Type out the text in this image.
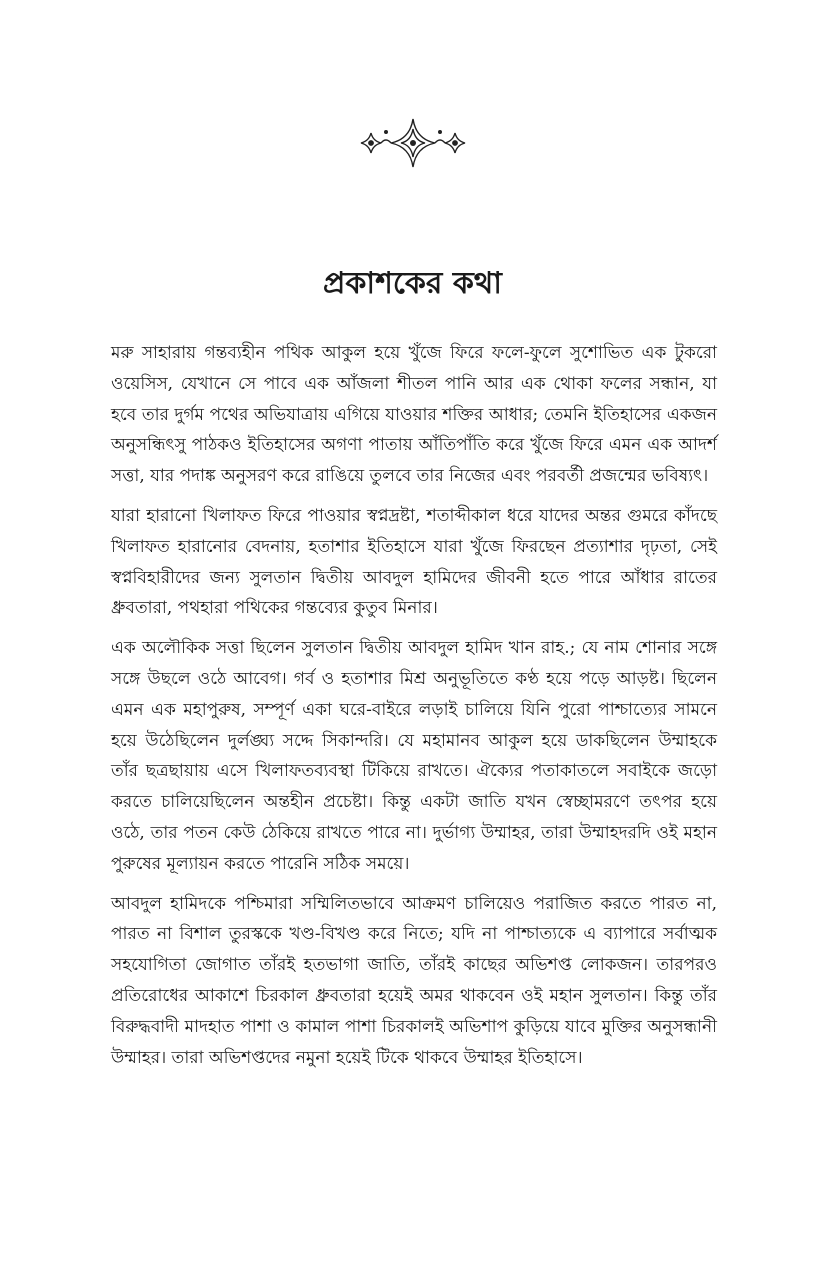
প্রকাশকের কথা

মরু সাহারায় গন্তব্যহীন পথিক আকুল হয়ে খুঁজে ফিরে ফলে-ফুলে সুশোভিত এক টুকরো ওয়েসিস, যেখানে সে পাবে এক আঁজলা শীতল পানি আর এক থোকা ফলের সন্ধান, যা হবে তার দুর্গম পথের অভিযাত্রায় এগিয়ে যাওয়ার শক্তির আধার; তেমনি ইতিহাসের একজন অনুসন্ধিৎসু পাঠকও ইতিহাসের অগণা পাতায় আঁতিপাঁতি করে খুঁজে ফিরে এমন এক আদর্শ সত্তা, যার পদাঙ্ক অনুসরণ করে রাঙিয়ে তুলবে তার নিজের এবং পরবর্তী প্রজন্মের ভবিষ্যৎ।

যারা হারানো খিলাফত ফিরে পাওয়ার স্বপ্নদ্রষ্টা, শতাব্দীকাল ধরে যাদের অন্তর গুমরে কাঁদছে খিলাফত হারানোর বেদনায়, হতাশার ইতিহাসে যারা খুঁজে ফিরছেন প্রত্যাশার দৃঢ়তা, সেই স্বপ্নবিহারীদের জন্য সুলতান দ্বিতীয় আবদুল হামিদের জীবনী হতে পারে আঁধার রাতের ধ্রুবতারা, পথহারা পথিকের গন্তব্যের কুতুব মিনার।

এক অলৌকিক সত্তা ছিলেন সুলতান দ্বিতীয় আবদুল হামিদ খান রাহ.; যে নাম শোনার সঙ্গে সঙ্গে উছলে ওঠে আবেগ। গর্ব ও হতাশার মিশ্র অনুভূতিতে কণ্ঠ হয়ে পড়ে আড়ষ্ট। ছিলেন এমন এক মহাপুরুষ, সম্পূর্ণ একা ঘরে-বাইরে লড়াই চালিয়ে যিনি পুরো পাশ্চাত্যের সামনে হয়ে উঠেছিলেন দুর্লঙ্ঘ্য সদ্দে সিকান্দরি। যে মহামানব আকুল হয়ে ডাকছিলেন উম্মাহকে তাঁর ছত্রছায়ায় এসে খিলাফতব্যবস্থা টিকিয়ে রাখতে। ঐক্যের পতাকাতলে সবাইকে জড়ো করতে চালিয়েছিলেন অন্তহীন প্রচেষ্টা। কিন্তু একটা জাতি যখন স্বেচ্ছামরণে তৎপর হয়ে ওঠে, তার পতন কেউ ঠেকিয়ে রাখতে পারে না। দুর্ভাগ্য উম্মাহর, তারা উম্মাহদরদি ওই মহান পুরুষের মূল্যায়ন করতে পারেনি সঠিক সময়ে।

আবদুল হামিদকে পশ্চিমারা সম্মিলিতভাবে আক্রমণ চালিয়েও পরাজিত করতে পারত না, পারত না বিশাল তুরস্ককে খণ্ড-বিখণ্ড করে নিতে; যদি না পাশ্চাত্যকে এ ব্যাপারে সর্বাত্মক সহযোগিতা জোগাত তাঁরই হতভাগা জাতি, তাঁরই কাছের অভিশপ্ত লোকজন। তারপরও প্রতিরোধের আকাশে চিরকাল ধ্রুবতারা হয়েই অমর থাকবেন ওই মহান সুলতান। কিন্তু তাঁর বিরুদ্ধবাদী মাদহাত পাশা ও কামাল পাশা চিরকালই অভিশাপ কুড়িয়ে যাবে মুক্তির অনুসন্ধানী উম্মাহর। তারা অভিশপ্তদের নমুনা হয়েই টিকে থাকবে উম্মাহর ইতিহাসে।
